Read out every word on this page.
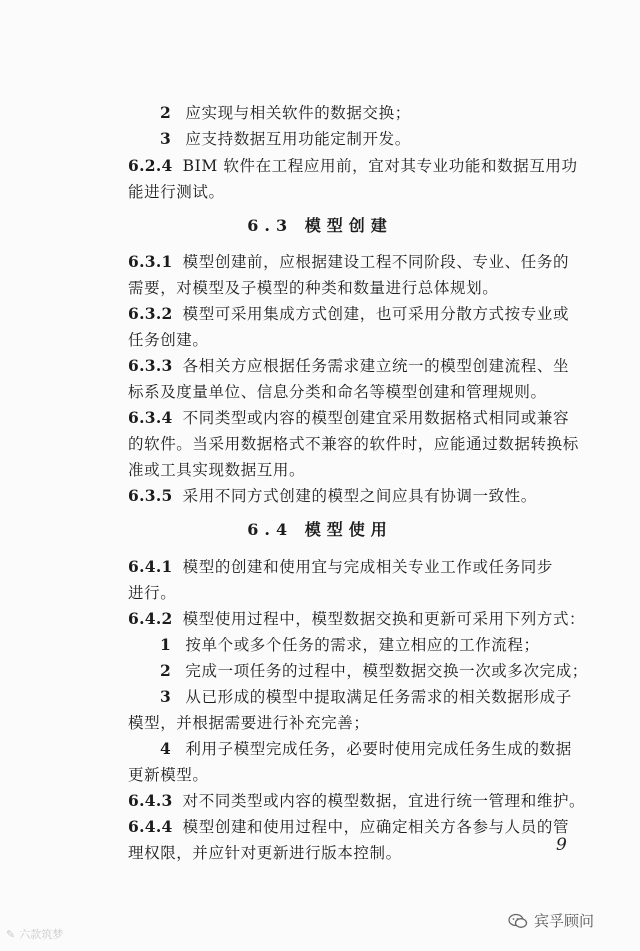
2 应实现与相关软件的数据交换；
3 应支持数据互用功能定制开发。
6.2.4 BIM 软件在工程应用前，宜对其专业功能和数据互用功
能进行测试。
6.3 模型创建
6.3.1 模型创建前，应根据建设工程不同阶段、专业、任务的
需要，对模型及子模型的种类和数量进行总体规划。
6.3.2 模型可采用集成方式创建，也可采用分散方式按专业或
任务创建。
6.3.3 各相关方应根据任务需求建立统一的模型创建流程、坐
标系及度量单位、信息分类和命名等模型创建和管理规则。
6.3.4 不同类型或内容的模型创建宜采用数据格式相同或兼容
的软件。当采用数据格式不兼容的软件时，应能通过数据转换标
准或工具实现数据互用。
6.3.5 采用不同方式创建的模型之间应具有协调一致性。
6.4 模型使用
6.4.1 模型的创建和使用宜与完成相关专业工作或任务同步
进行。
6.4.2 模型使用过程中，模型数据交换和更新可采用下列方式：
1 按单个或多个任务的需求，建立相应的工作流程；
2 完成一项任务的过程中，模型数据交换一次或多次完成；
3 从已形成的模型中提取满足任务需求的相关数据形成子
模型，并根据需要进行补充完善；
4 利用子模型完成任务，必要时使用完成任务生成的数据
更新模型。
6.4.3 对不同类型或内容的模型数据，宜进行统一管理和维护。
6.4.4 模型创建和使用过程中，应确定相关方各参与人员的管
理权限，并应针对更新进行版本控制。	9
✎ 六款筑梦
宾孚顾问
